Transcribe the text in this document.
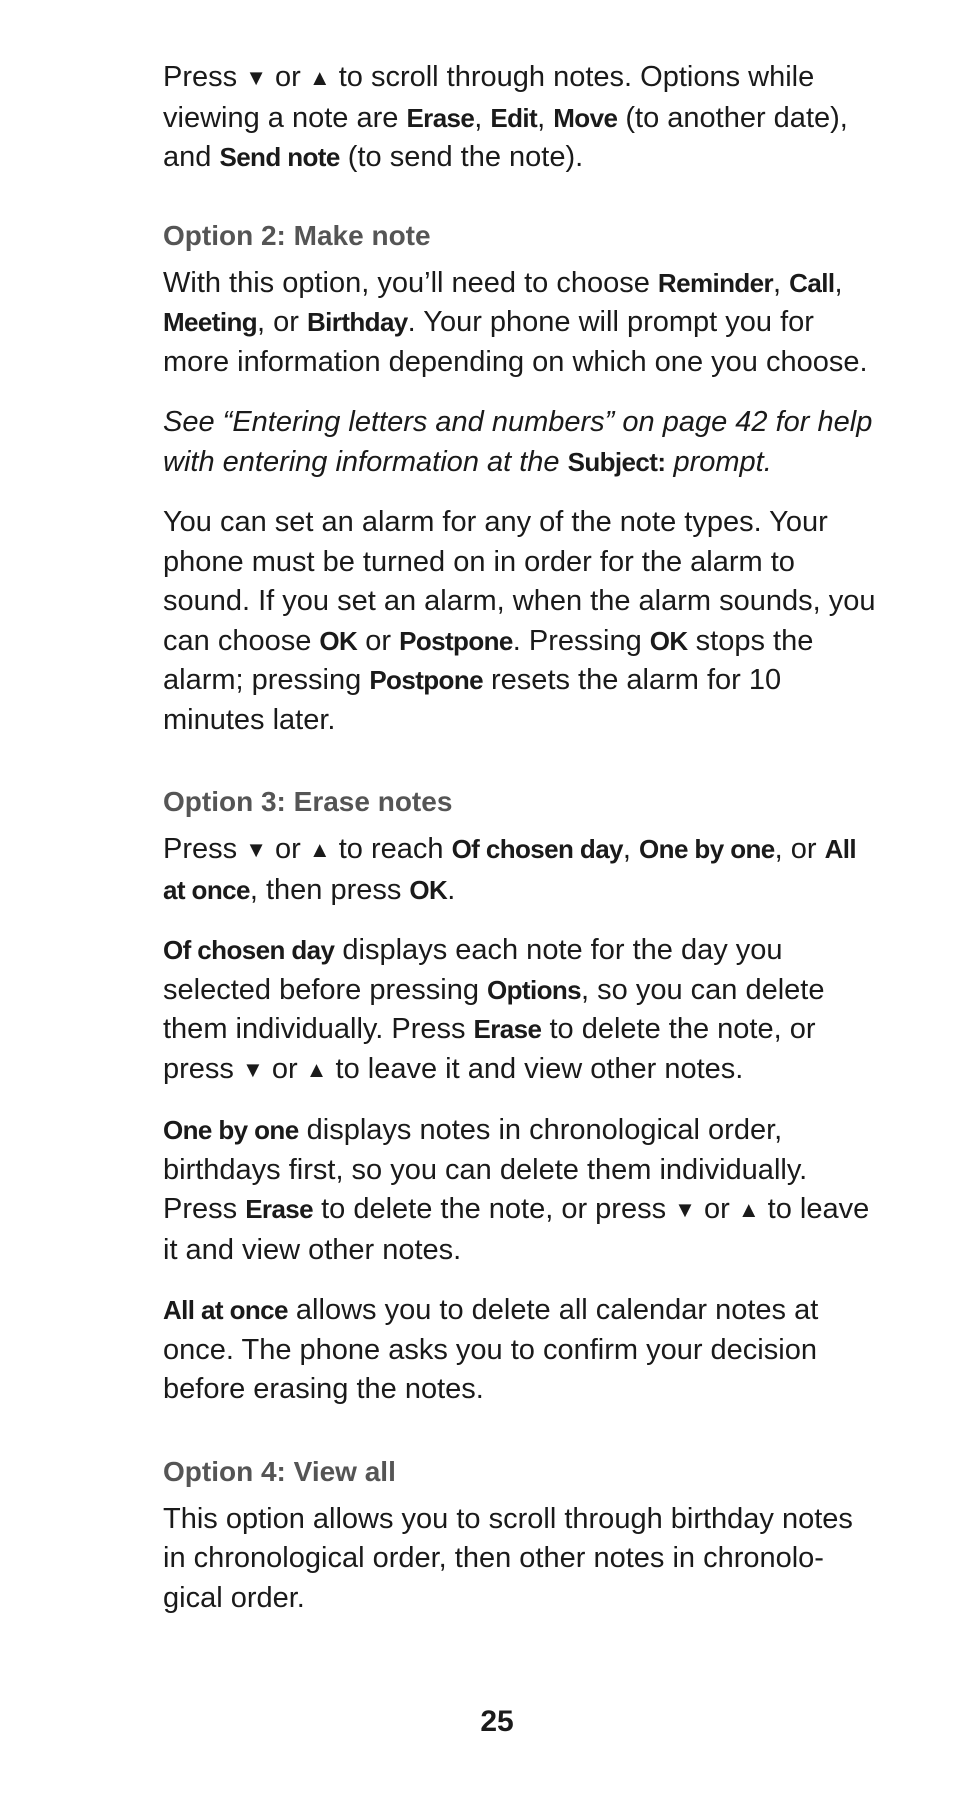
Press ▼ or ▲ to scroll through notes. Options while viewing a note are Erase, Edit, Move (to another date), and Send note (to send the note).

Option 2: Make note

With this option, you’ll need to choose Reminder, Call, Meeting, or Birthday. Your phone will prompt you for more information depending on which one you choose.

See “Entering letters and numbers” on page 42 for help with entering information at the Subject: prompt.

You can set an alarm for any of the note types. Your phone must be turned on in order for the alarm to sound. If you set an alarm, when the alarm sounds, you can choose OK or Postpone. Pressing OK stops the alarm; pressing Postpone resets the alarm for 10 minutes later.

Option 3: Erase notes

Press ▼ or ▲ to reach Of chosen day, One by one, or All at once, then press OK.

Of chosen day displays each note for the day you selected before pressing Options, so you can delete them individually. Press Erase to delete the note, or press ▼ or ▲ to leave it and view other notes.

One by one displays notes in chronological order, birthdays first, so you can delete them individually. Press Erase to delete the note, or press ▼ or ▲ to leave it and view other notes.

All at once allows you to delete all calendar notes at once. The phone asks you to confirm your decision before erasing the notes.

Option 4: View all

This option allows you to scroll through birthday notes in chronological order, then other notes in chronolo-gical order.

25
